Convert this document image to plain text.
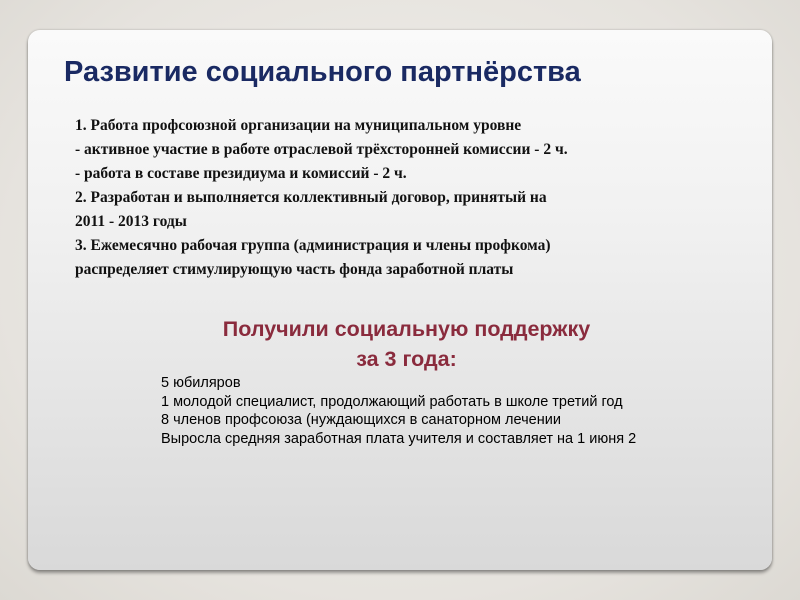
Развитие социального партнёрства
1. Работа профсоюзной организации на муниципальном уровне
- активное участие в работе отраслевой трёхсторонней комиссии - 2 ч.
- работа в составе президиума и комиссий - 2 ч.
2. Разработан и выполняется коллективный договор, принятый на
2011 - 2013 годы
3. Ежемесячно рабочая группа (администрация и члены профкома)
распределяет стимулирующую часть фонда заработной платы
Получили социальную поддержку
за 3 года:
5 юбиляров
1 молодой специалист, продолжающий работать в школе третий год
8 членов профсоюза (нуждающихся в санаторном лечении
Выросла средняя заработная плата учителя и составляет на 1 июня 2
